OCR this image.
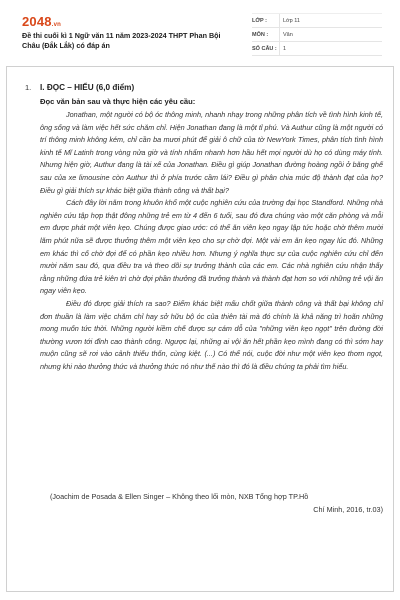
2048.vn
Đề thi cuối kì 1 Ngữ văn 11 năm 2023-2024 THPT Phan Bội Châu (Đắk Lắk) có đáp án
LỚP :	Lớp 11
MÔN :	Văn
SỐ CÂU : 1
1. I. ĐỌC – HIỂU (6,0 điểm)
Đọc văn bản sau và thực hiện các yêu cầu:

Jonathan, một người có bộ óc thông minh, nhanh nhạy trong những phân tích về tình hình kinh tế, ông sống và làm việc hết sức chăm chỉ. Hiện Jonathan đang là một tỉ phú. Và Authur cũng là một người có trí thông minh không kém, chỉ cần ba mươi phút để giải ô chữ của tờ NewYork Times, phân tích tình hình kinh tế Mĩ Latinh trong vòng nửa giờ và tính nhẩm nhanh hơn hầu hết mọi người dù họ có dùng máy tính. Nhưng hiện giờ, Authur đang là tài xế của Jonathan. Điều gì giúp Jonathan đường hoàng ngồi ở băng ghế sau của xe limousine còn Authur thì ở phía trước cầm lái? Điều gì phân chia mức độ thành đạt của họ? Điều gì giải thích sự khác biệt giữa thành công và thất bại?

Cách đây lời năm trong khuôn khổ một cuộc nghiên cứu của trường đại học Standford. Những nhà nghiên cứu tập hợp thật đông những trẻ em từ 4 đến 6 tuổi, sau đó đưa chúng vào một căn phòng và mỗi em được phát một viên kẹo. Chúng được giao ước: có thể ăn viên kẹo ngay lập tức hoặc chờ thêm mười lăm phút nữa sẽ được thưởng thêm một viên kẹo cho sự chờ đợi. Một vài em ăn kẹo ngay lúc đó. Những em khác thì cố chờ đợi để có phần kẹo nhiều hơn. Nhưng ý nghĩa thực sự của cuộc nghiên cứu chỉ đến mười năm sau đó, qua điều tra và theo dõi sự trưởng thành của các em. Các nhà nghiên cứu nhận thấy rằng những đứa trẻ kiên trì chờ đợi phần thưởng đã trưởng thành và thành đạt hơn so với những trẻ vội ăn ngay viên kẹo.

Điều đó được giải thích ra sao? Điểm khác biệt mấu chốt giữa thành công và thất bại không chỉ đơn thuần là làm việc chăm chỉ hay sở hữu bộ óc của thiên tài mà đó chính là khả năng trì hoãn những mong muốn tức thời. Những người kiềm chế được sự cám dỗ của "những viên kẹo ngọt" trên đường đời thường vươn tới đỉnh cao thành công. Ngược lại, những ai vội ăn hết phần kẹo mình đang có thì sớm hay muộn cũng sẽ rơi vào cảnh thiếu thốn, cùng kiệt. (...) Có thể nói, cuộc đời như một viên kẹo thơm ngọt, nhưng khi nào thưởng thức và thưởng thức nó như thế nào thì đó là điều chúng ta phải tìm hiểu.

(Joachim de Posada & Ellen Singer – Không theo lối mòn, NXB Tổng hợp TP.Hồ
Chí Minh, 2016, tr.03)
